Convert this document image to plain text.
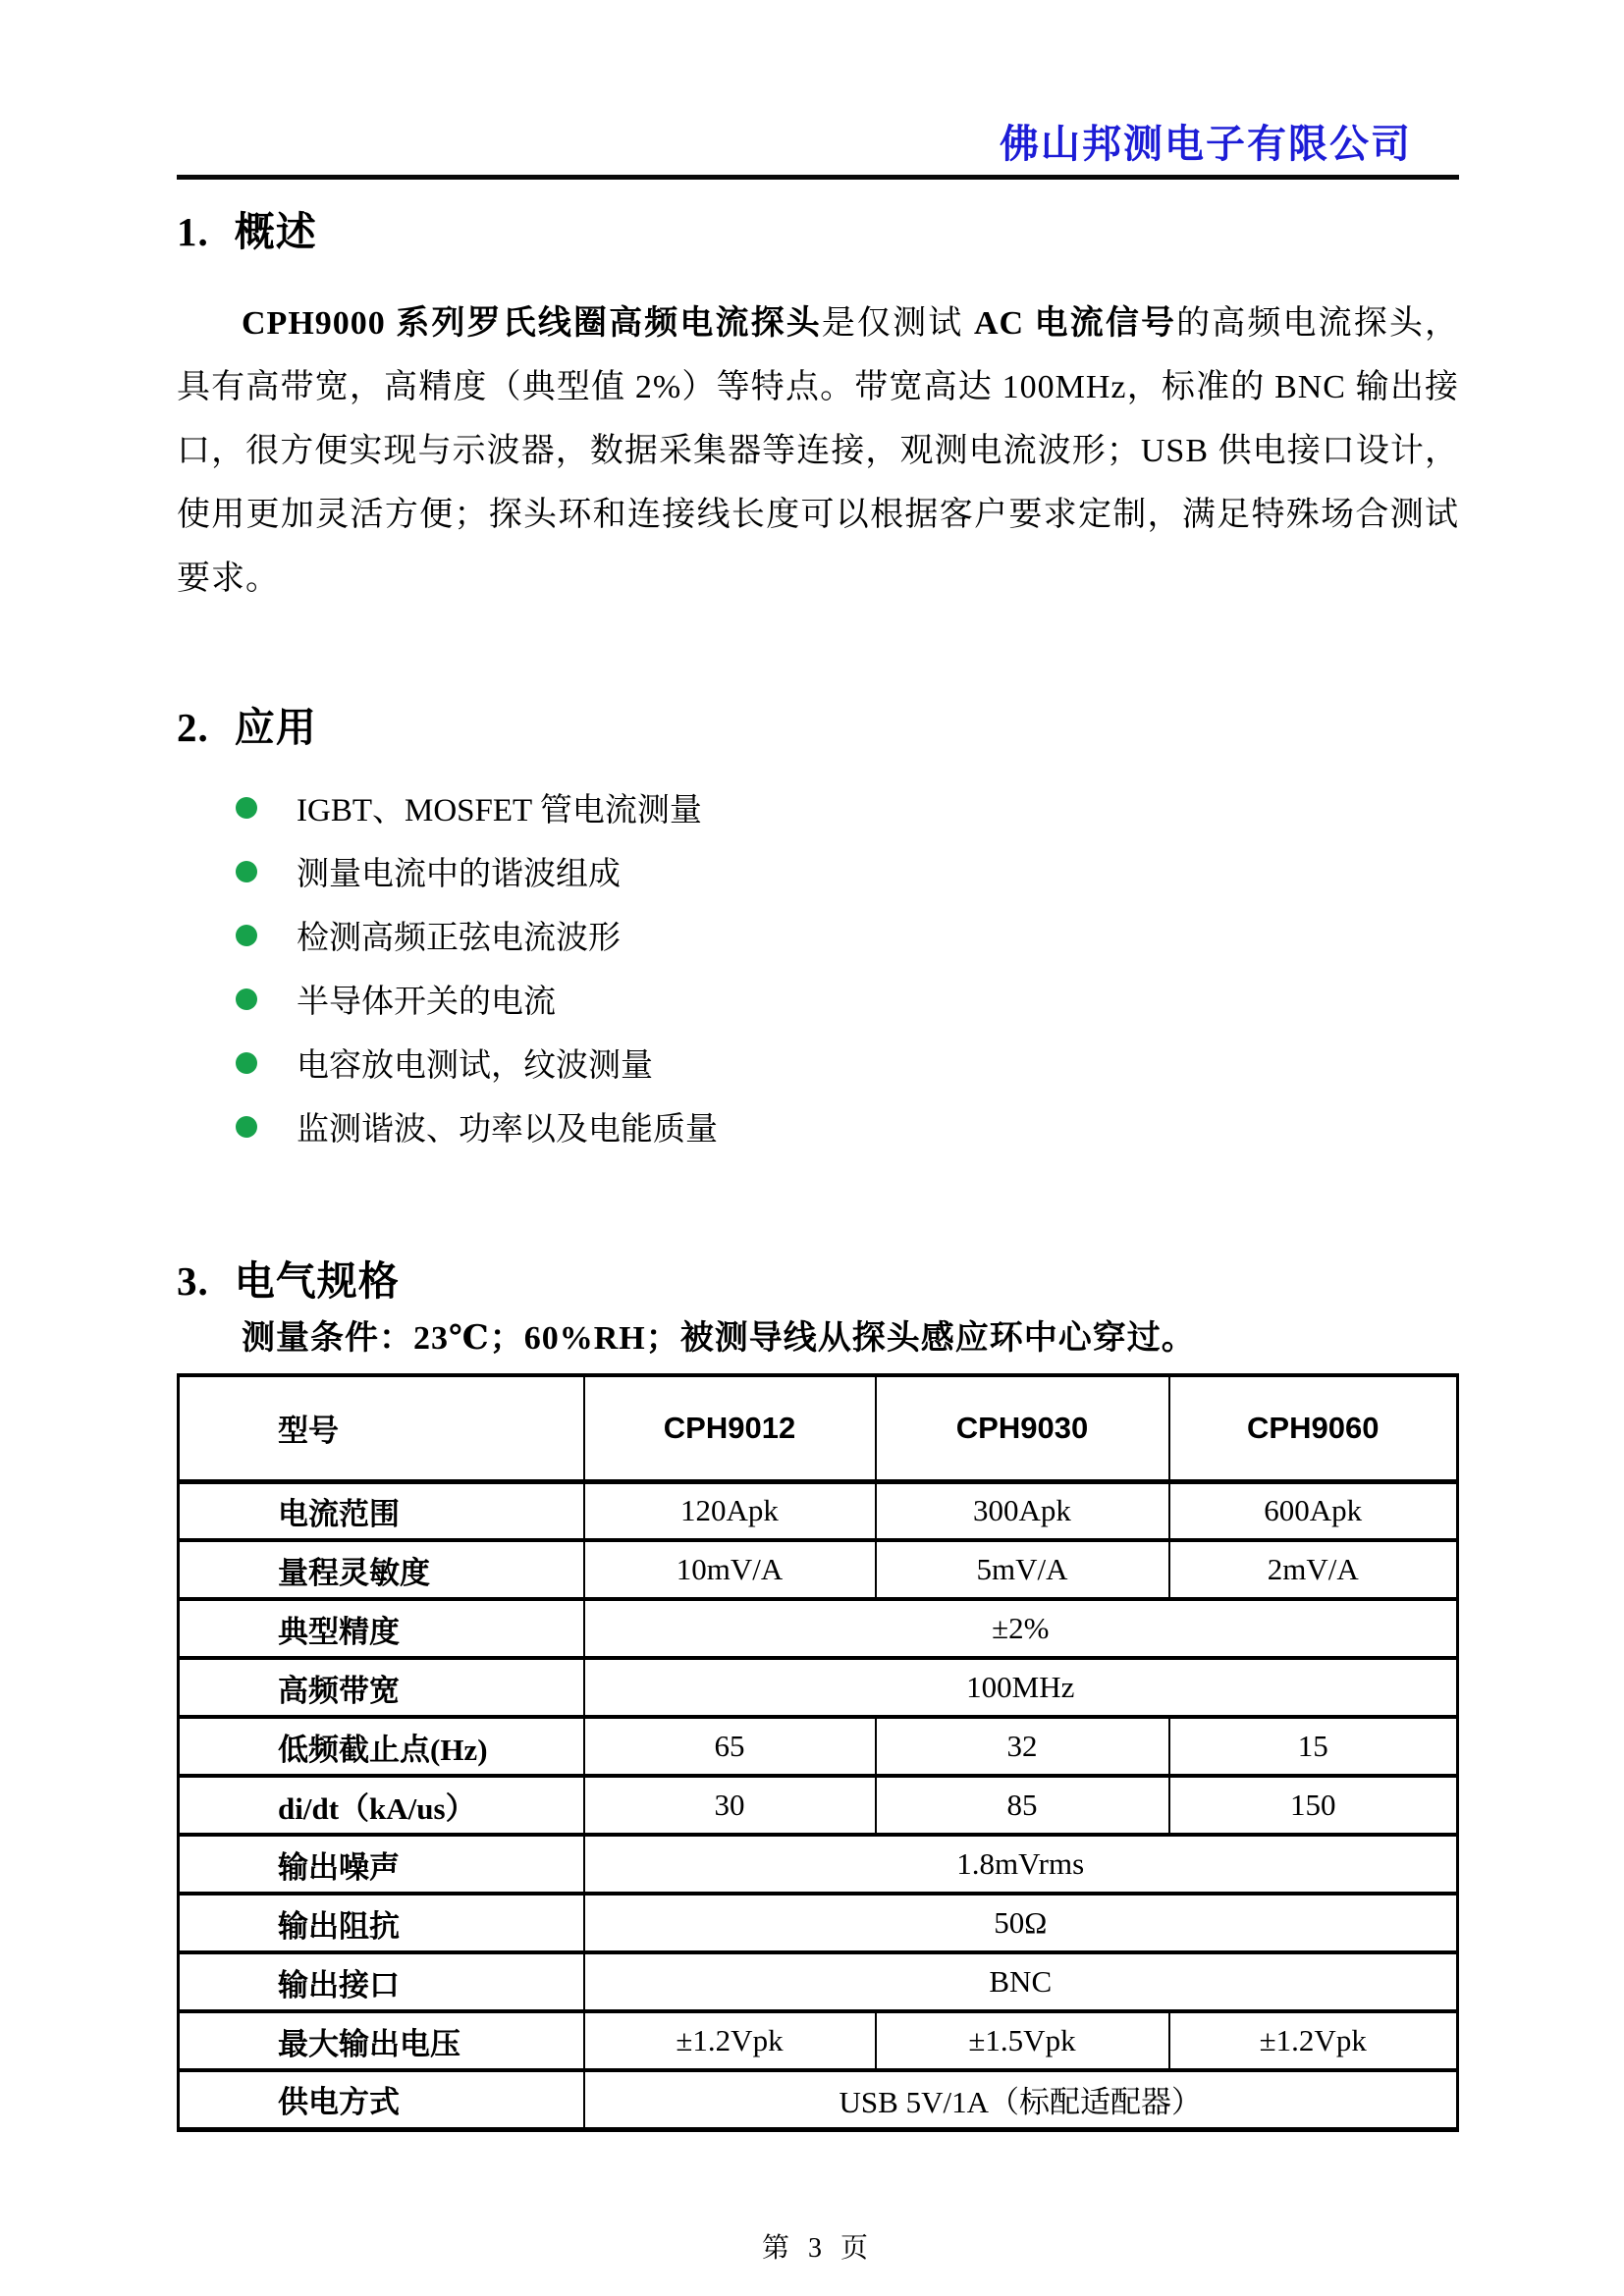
佛山邦测电子有限公司
1. 概述
CPH9000 系列罗氏线圈高频电流探头是仅测试 AC 电流信号的高频电流探头，具有高带宽，高精度（典型值 2%）等特点。带宽高达 100MHz，标准的 BNC 输出接口，很方便实现与示波器，数据采集器等连接，观测电流波形；USB 供电接口设计，使用更加灵活方便；探头环和连接线长度可以根据客户要求定制，满足特殊场合测试要求。
2. 应用
IGBT、MOSFET 管电流测量
测量电流中的谐波组成
检测高频正弦电流波形
半导体开关的电流
电容放电测试，纹波测量
监测谐波、功率以及电能质量
3. 电气规格
测量条件：23℃；60%RH；被测导线从探头感应环中心穿过。
型号	CPH9012	CPH9030	CPH9060
电流范围	120Apk	300Apk	600Apk
量程灵敏度	10mV/A	5mV/A	2mV/A
典型精度	±2%		
高频带宽	100MHz		
低频截止点(Hz)	65	32	15
di/dt（kA/us）	30	85	150
输出噪声	1.8mVrms		
输出阻抗	50Ω		
输出接口	BNC		
最大输出电压	±1.2Vpk	±1.5Vpk	±1.2Vpk
供电方式	USB 5V/1A（标配适配器）		
第 3 页
